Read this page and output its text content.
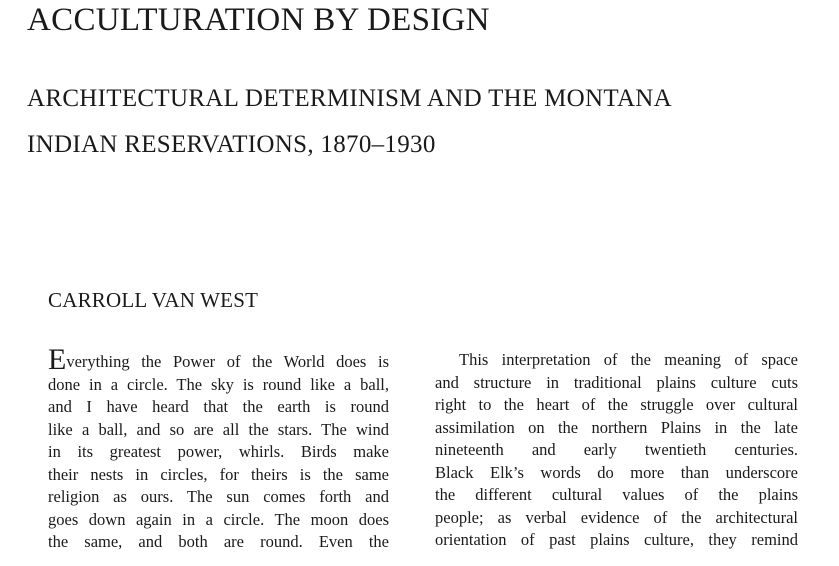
ACCULTURATION BY DESIGN
ARCHITECTURAL DETERMINISM AND THE MONTANA
INDIAN RESERVATIONS, 1870–1930
CARROLL VAN WEST
Everything the Power of the World does is
done in a circle. The sky is round like a ball,
and I have heard that the earth is round
like a ball, and so are all the stars. The wind
in its greatest power, whirls. Birds make
their nests in circles, for theirs is the same
religion as ours. The sun comes forth and
goes down again in a circle. The moon does
the same, and both are round. Even the
This interpretation of the meaning of space
and structure in traditional plains culture cuts
right to the heart of the struggle over cultural
assimilation on the northern Plains in the late
nineteenth and early twentieth centuries.
Black Elk’s words do more than underscore
the different cultural values of the plains
people; as verbal evidence of the architectural
orientation of past plains culture, they remind
